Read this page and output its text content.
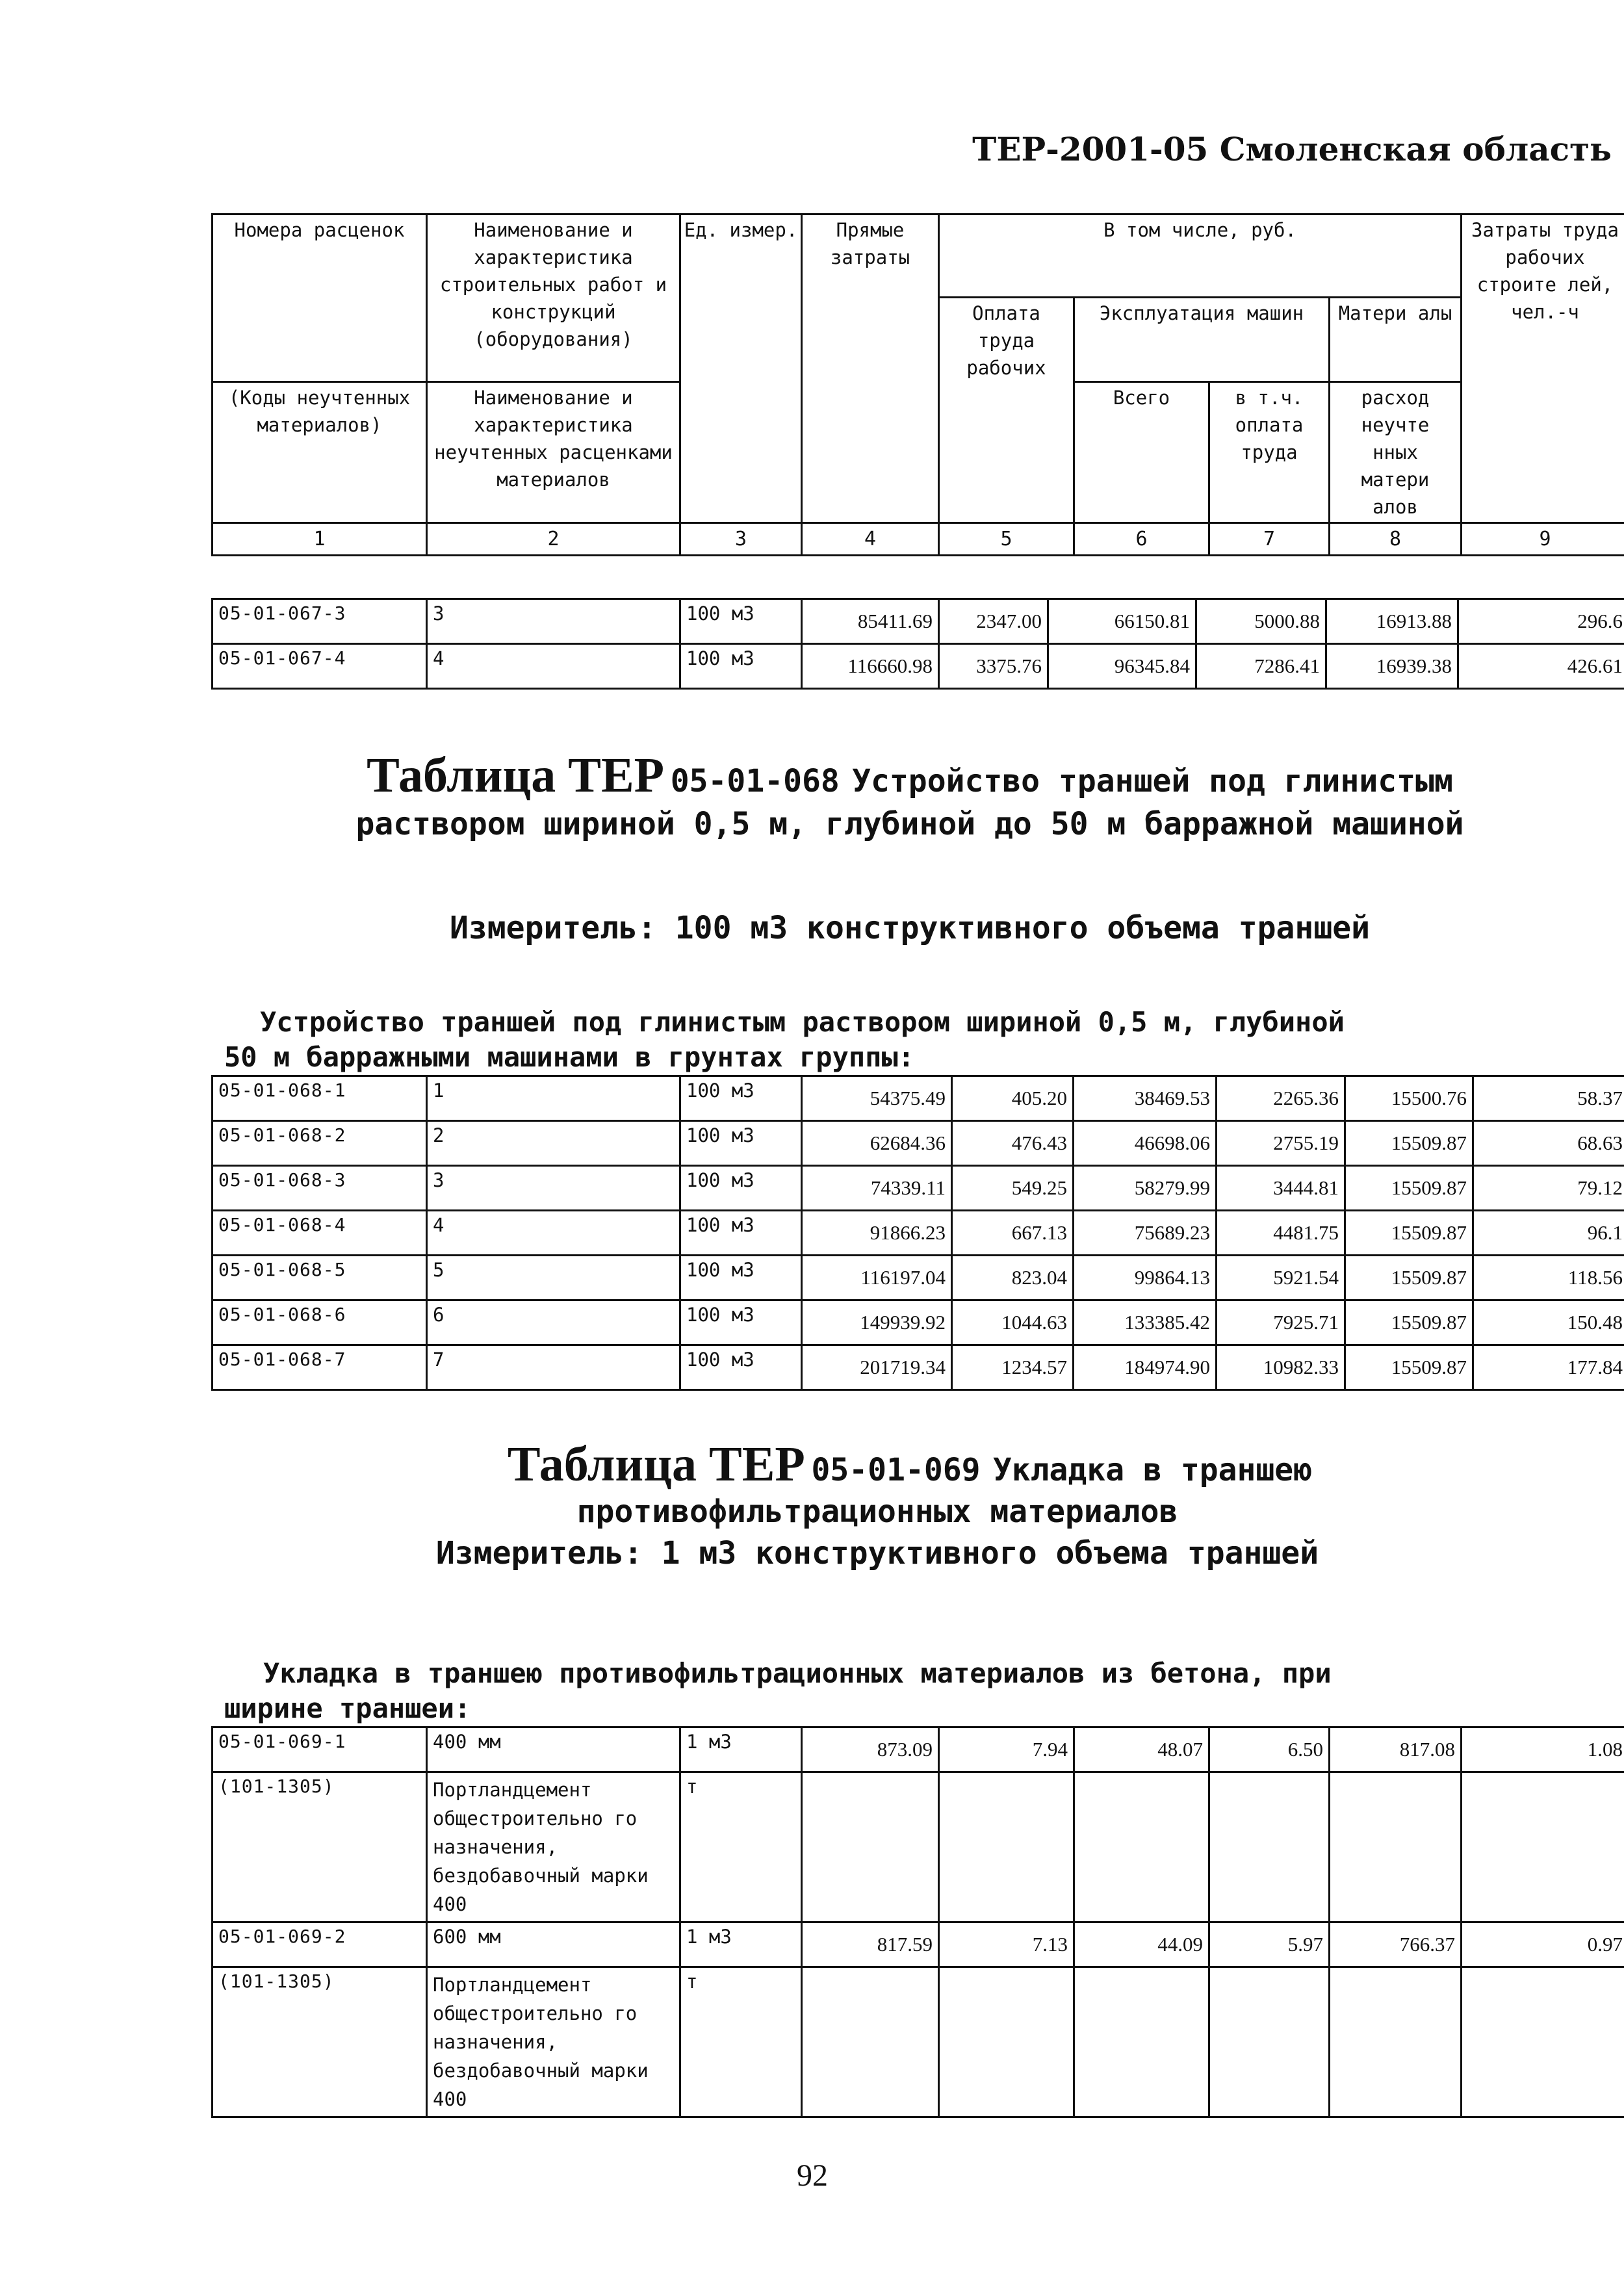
ТЕР-2001-05 Смоленская область
Номера расценок	Наименование и характеристика строительных работ и конструкций (оборудования)	Ед. измер.	Прямые затраты	В том числе, руб.				Затраты труда рабочих строите лей, чел.-ч
				Оплата труда рабочих	Эксплуатация машин		Матери алы	
(Коды неучтенных материалов)	Наименование и характеристика неучтенных расценками материалов				Всего	в т.ч. оплата труда	расход неучте нных матери алов	
1	2	3	4	5	6	7	8	9
05-01-067-3	3	100 м3	85411.69	2347.00	66150.81	5000.88	16913.88	296.6
05-01-067-4	4	100 м3	116660.98	3375.76	96345.84	7286.41	16939.38	426.61
Таблица ТЕР 05-01-068 Устройство траншей под глинистым
раствором шириной 0,5 м, глубиной до 50 м барражной машиной
Измеритель: 100 м3 конструктивного объема траншей
Устройство траншей под глинистым раствором шириной 0,5 м, глубиной
50 м барражными машинами в грунтах группы:
05-01-068-1	1	100 м3	54375.49	405.20	38469.53	2265.36	15500.76	58.37
05-01-068-2	2	100 м3	62684.36	476.43	46698.06	2755.19	15509.87	68.63
05-01-068-3	3	100 м3	74339.11	549.25	58279.99	3444.81	15509.87	79.12
05-01-068-4	4	100 м3	91866.23	667.13	75689.23	4481.75	15509.87	96.1
05-01-068-5	5	100 м3	116197.04	823.04	99864.13	5921.54	15509.87	118.56
05-01-068-6	6	100 м3	149939.92	1044.63	133385.42	7925.71	15509.87	150.48
05-01-068-7	7	100 м3	201719.34	1234.57	184974.90	10982.33	15509.87	177.84
Таблица ТЕР 05-01-069 Укладка в траншею
противофильтрационных материалов
Измеритель: 1 м3 конструктивного объема траншей
Укладка в траншею противофильтрационных материалов из бетона, при
ширине траншеи:
05-01-069-1	400 мм	1 м3	873.09	7.94	48.07	6.50	817.08	1.08
(101-1305)	Портландцемент общестроительно го назначения, бездобавочный марки 400	т						
05-01-069-2	600 мм	1 м3	817.59	7.13	44.09	5.97	766.37	0.97
(101-1305)	Портландцемент общестроительно го назначения, бездобавочный марки 400	т						
92
